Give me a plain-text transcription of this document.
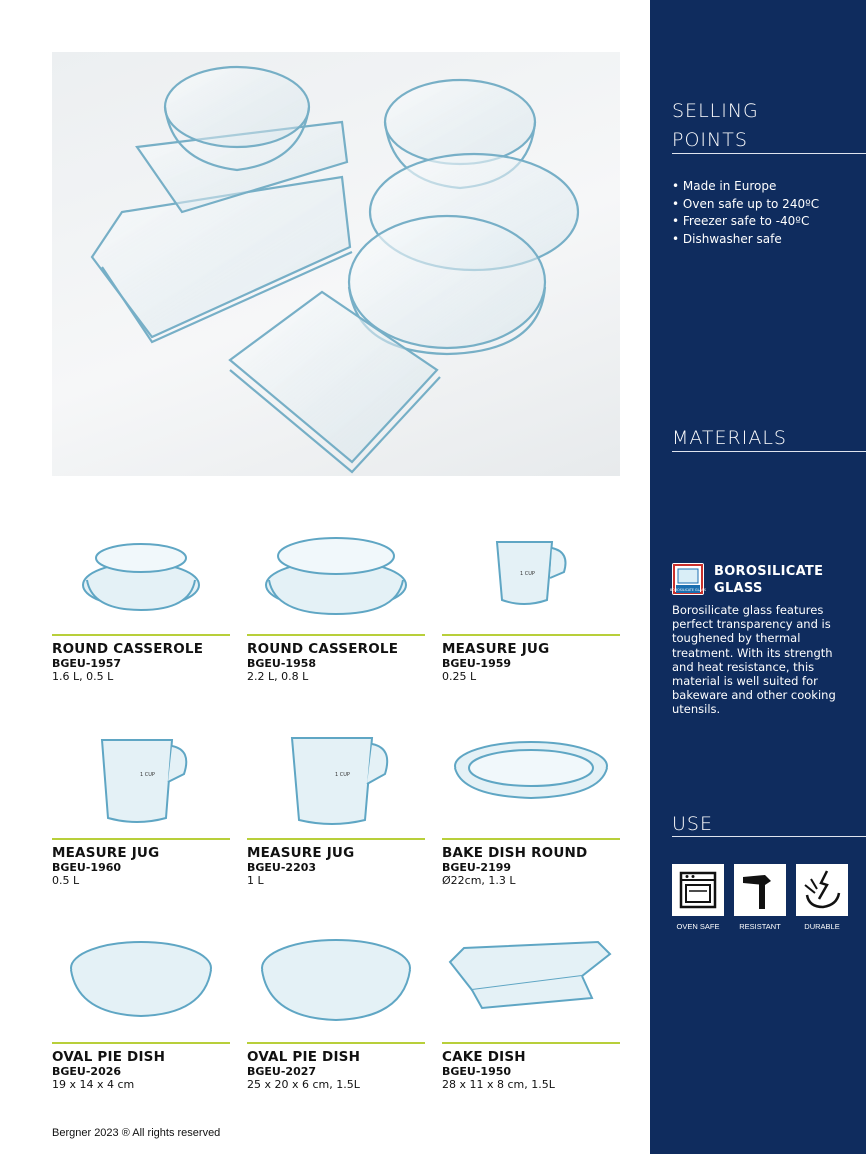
SELLING
POINTS
• Made in Europe
• Oven safe up to 240ºC
• Freezer safe to -40ºC
• Dishwasher safe
MATERIALS
BOROSILICATE GLASS
BOROSILICATE GLASS
Borosilicate glass features perfect transparency and is toughened by thermal treatment. With its strength and heat resistance, this material is well suited for bakeware and other cooking utensils.
USE
OVEN SAFE	RESISTANT	DURABLE
ROUND CASSEROLE
BGEU-1957
1.6 L, 0.5 L
ROUND CASSEROLE
BGEU-1958
2.2 L, 0.8 L
1 CUP
MEASURE JUG
BGEU-1959
0.25 L
1 CUP
MEASURE JUG
BGEU-1960
0.5 L
1 CUP
MEASURE JUG
BGEU-2203
1 L
BAKE DISH ROUND
BGEU-2199
Ø22cm, 1.3 L
OVAL PIE DISH
BGEU-2026
19 x 14 x 4 cm
OVAL PIE DISH
BGEU-2027
25 x 20 x 6 cm, 1.5L
CAKE DISH
BGEU-1950
28 x 11 x 8 cm, 1.5L
Bergner 2023 ® All rights reserved
